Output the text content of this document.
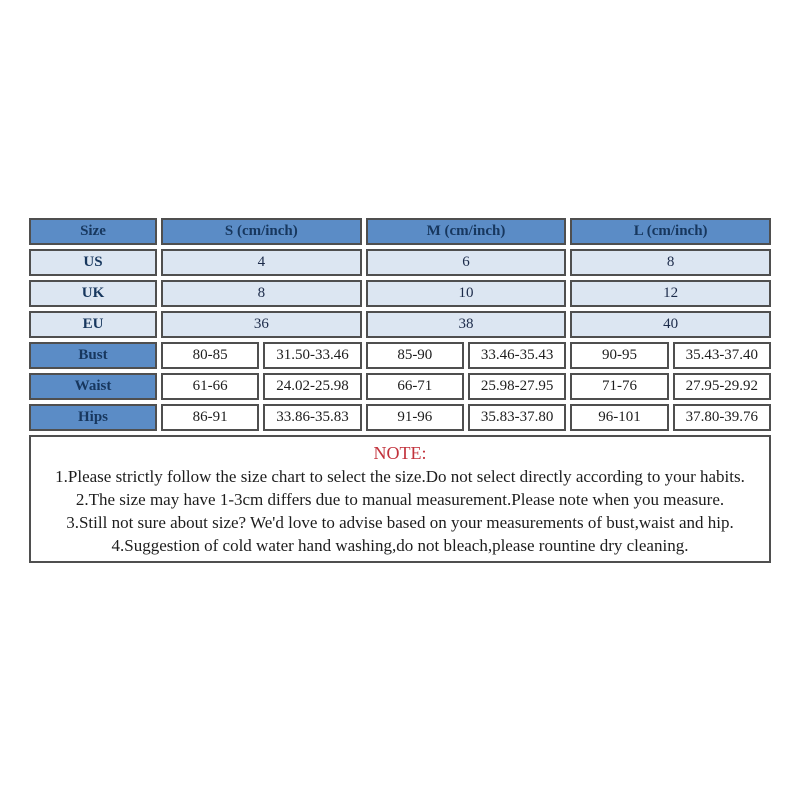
Size	S (cm/inch)		M (cm/inch)		L (cm/inch)	
US	4		6		8	
UK	8		10		12	
EU	36		38		40	
Bust	80-85	31.50-33.46	85-90	33.46-35.43	90-95	35.43-37.40
Waist	61-66	24.02-25.98	66-71	25.98-27.95	71-76	27.95-29.92
Hips	86-91	33.86-35.83	91-96	35.83-37.80	96-101	37.80-39.76

NOTE:
1.Please strictly follow the size chart to select the size.Do not select directly according to your habits.
2.The size may have 1-3cm differs due to manual measurement.Please note when you measure.
3.Still not sure about size? We'd love to advise based on your measurements of bust,waist and hip.
4.Suggestion of cold water hand washing,do not bleach,please rountine dry cleaning.						
